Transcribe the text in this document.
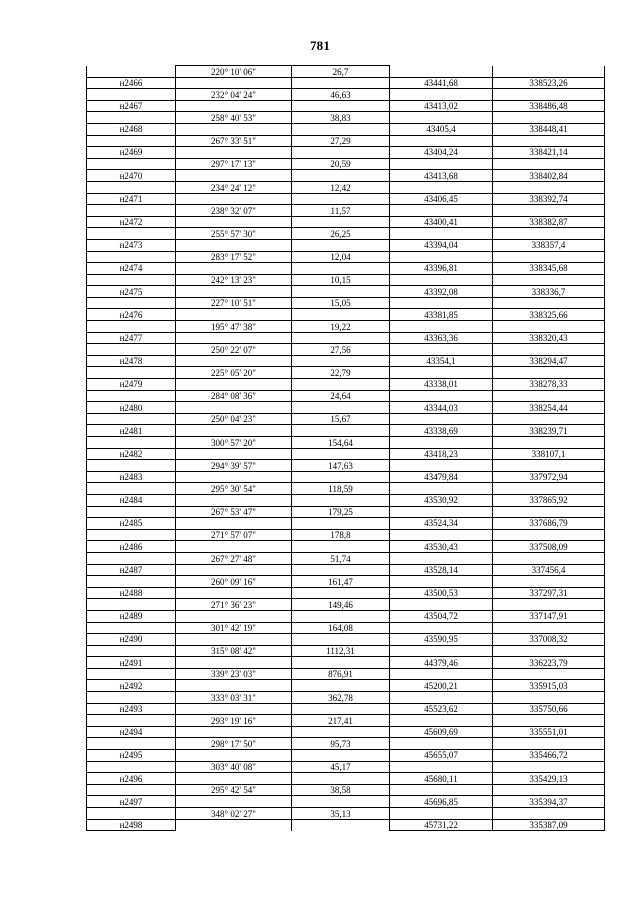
781
	220° 10' 06"	26,7		
н2466			43441,68	338523,26
	232° 04' 24"	46,63		
н2467			43413,02	338486,48
	258° 40' 53"	38,83		
н2468			43405,4	338448,41
	267° 33' 51"	27,29		
н2469			43404,24	338421,14
	297° 17' 13"	20,59		
н2470			43413,68	338402,84
	234° 24' 12"	12,42		
н2471			43406,45	338392,74
	238° 32' 07"	11,57		
н2472			43400,41	338382,87
	255° 57' 30"	26,25		
н2473			43394,04	338357,4
	283° 17' 52"	12,04		
н2474			43396,81	338345,68
	242° 13' 23"	10,15		
н2475			43392,08	338336,7
	227° 10' 51"	15,05		
н2476			43381,85	338325,66
	195° 47' 38"	19,22		
н2477			43363,36	338320,43
	250° 22' 07"	27,56		
н2478			43354,1	338294,47
	225° 05' 20"	22,79		
н2479			43338,01	338278,33
	284° 08' 36"	24,64		
н2480			43344,03	338254,44
	250° 04' 23"	15,67		
н2481			43338,69	338239,71
	300° 57' 20"	154,64		
н2482			43418,23	338107,1
	294° 39' 57"	147,63		
н2483			43479,84	337972,94
	295° 30' 54"	118,59		
н2484			43530,92	337865,92
	267° 53' 47"	179,25		
н2485			43524,34	337686,79
	271° 57' 07"	178,8		
н2486			43530,43	337508,09
	267° 27' 48"	51,74		
н2487			43528,14	337456,4
	260° 09' 16"	161,47		
н2488			43500,53	337297,31
	271° 36' 23"	149,46		
н2489			43504,72	337147,91
	301° 42' 19"	164,08		
н2490			43590,95	337008,32
	315° 08' 42"	1112,31		
н2491			44379,46	336223,79
	339° 23' 03"	876,91		
н2492			45200,21	335915,03
	333° 03' 31"	362,78		
н2493			45523,62	335750,66
	293° 19' 16"	217,41		
н2494			45609,69	335551,01
	298° 17' 50"	95,73		
н2495			45655,07	335466,72
	303° 40' 08"	45,17		
н2496			45680,11	335429,13
	295° 42' 54"	38,58		
н2497			45696,85	335394,37
	348° 02' 27"	35,13		
н2498			45731,22	335387,09
